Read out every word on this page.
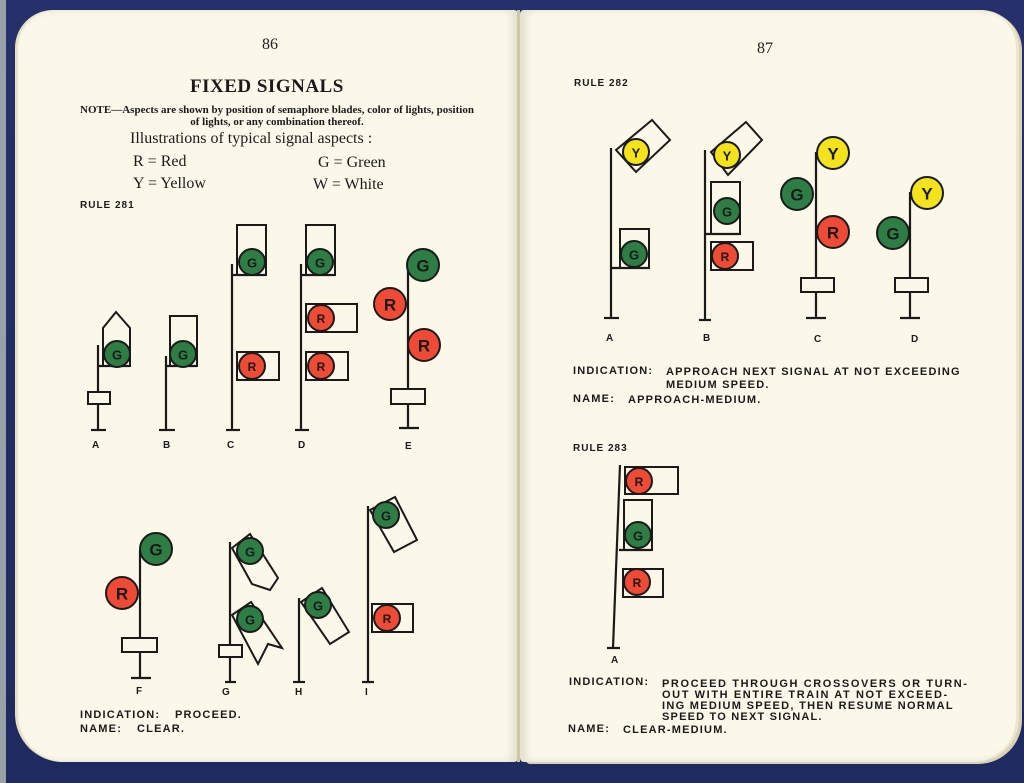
86
FIXED SIGNALS
NOTE—Aspects are shown by position of semaphore blades, color of lights, position of lights, or any combination thereof.
Illustrations of typical signal aspects :
R = Red	G = Green
Y = Yellow	W = White
RULE 281
G	G
G
R
G
R
R
G
R
R
G
R
G
G
G
G
R
Y
G
Y
G
R
Y
G
R
Y
G
R
G
R
A	B	C	D	E
F	G	H	I
INDICATION: PROCEED.
NAME: CLEAR.
87
RULE 282
A	B	C	D
INDICATION: APPROACH NEXT SIGNAL AT NOT EXCEEDING
MEDIUM SPEED.
NAME: APPROACH-MEDIUM.
RULE 283
A
INDICATION: PROCEED THROUGH CROSSOVERS OR TURN-
OUT WITH ENTIRE TRAIN AT NOT EXCEED-
ING MEDIUM SPEED, THEN RESUME NORMAL
SPEED TO NEXT SIGNAL.
NAME: CLEAR-MEDIUM.
